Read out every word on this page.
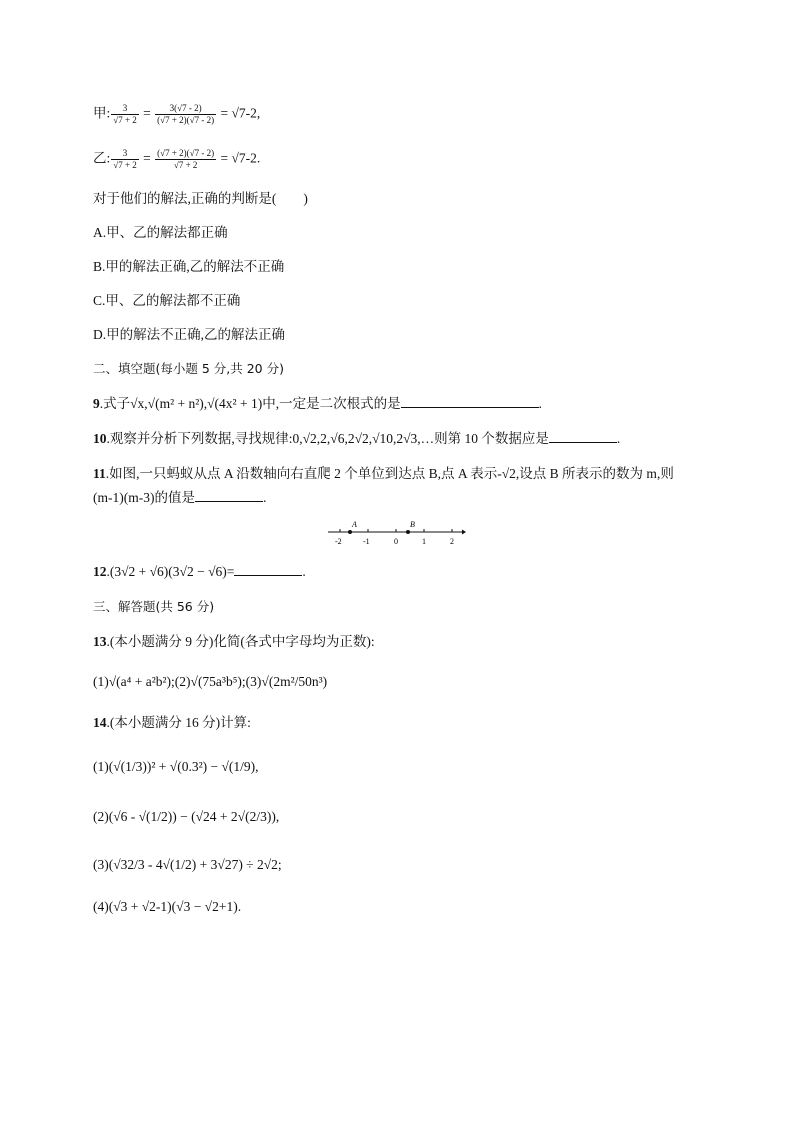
甲: $\frac{3}{√7 + 2} = \frac{3(√7 - 2)}{(√7 + 2)(√7 - 2)} = √7-2$,
乙: $\frac{3}{√7 + 2} = \frac{(√7 + 2)(√7 - 2)}{√7 + 2} = √7-2$.
对于他们的解法,正确的判断是(　　)
A.甲、乙的解法都正确
B.甲的解法正确,乙的解法不正确
C.甲、乙的解法都不正确
D.甲的解法不正确,乙的解法正确
二、填空题(每小题 5 分,共 20 分)
9.式子√x,√(m² + n²),√(4x² + 1)中,一定是二次根式的是	.
10.观察并分析下列数据,寻找规律:0,√2,2,√6,2√2,√10,2√3,…则第 10 个数据应是	.
11.如图,一只蚂蚁从点 A 沿数轴向右直爬 2 个单位到达点 B,点 A 表示-√2,设点 B 所表示的数为 m,则
(m-1)(m-3)的值是	.
A	B
-2	-1	0	1	2
12.(3√2 + √6)(3√2 − √6)=	.
三、解答题(共 56 分)
13.(本小题满分 9 分)化简(各式中字母均为正数):
(1)√(a⁴ + a²b²);(2)√(75a³b⁵);(3)√(2m²/50n³)
14.(本小题满分 16 分)计算:
(1)(√(1/3))² + √(0.3²) − √(1/9),
(2)(√6 - √(1/2)) − (√24 + 2√(2/3)),
(3)(√32/3 - 4√(1/2) + 3√27) ÷ 2√2;
(4)(√3 + √2-1)(√3 − √2+1).
